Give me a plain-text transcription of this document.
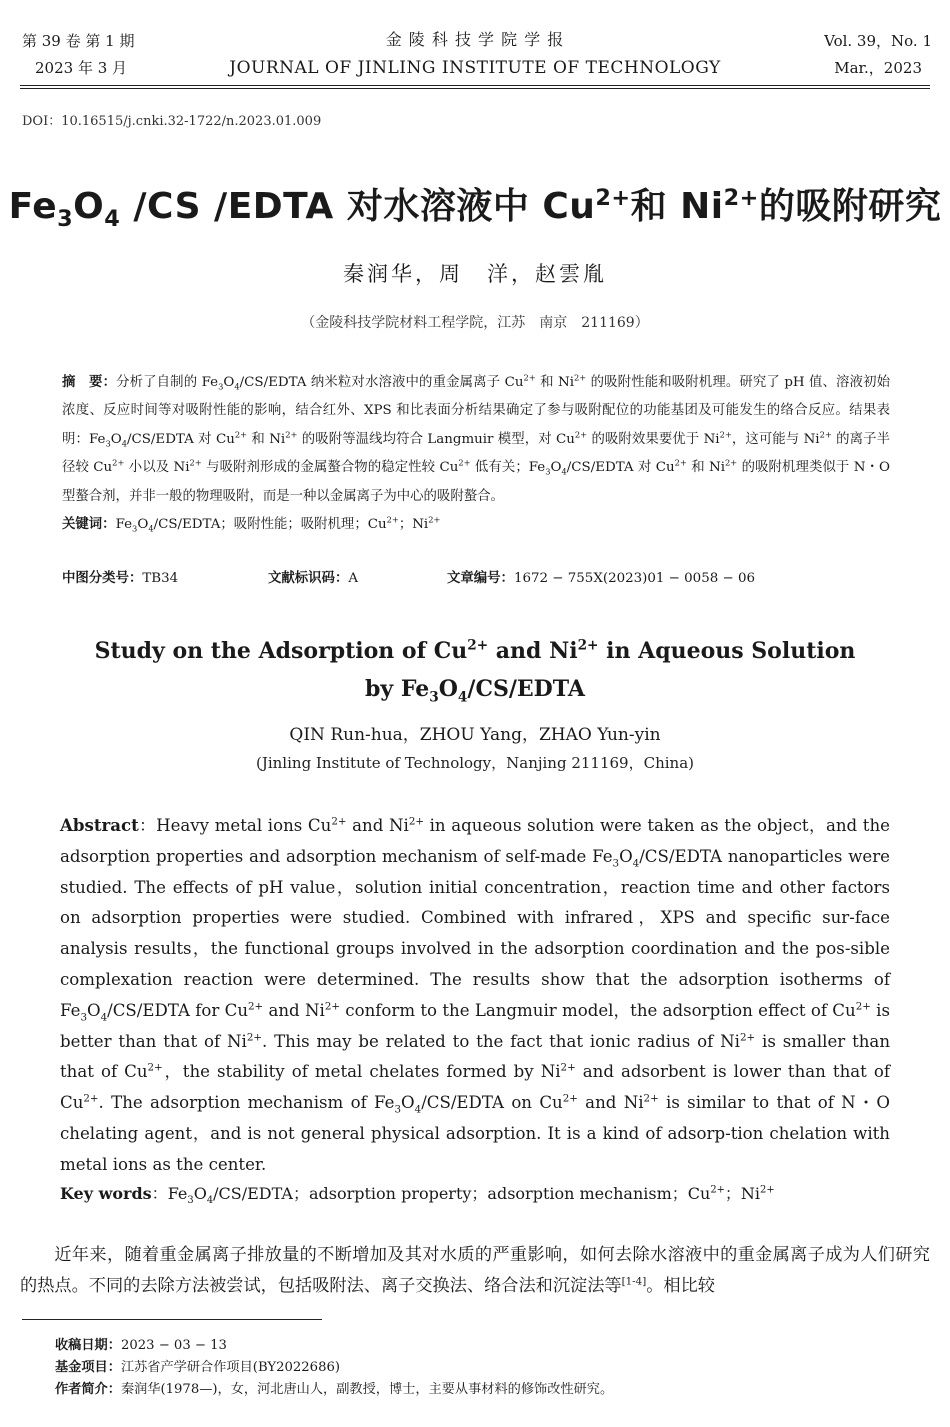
第 39 卷 第 1 期
2023 年 3 月
金 陵 科 技 学 院 学 报
JOURNAL OF JINLING INSTITUTE OF TECHNOLOGY
Vol. 39，No. 1
Mar.，2023
DOI：10.16515/j.cnki.32-1722/n.2023.01.009
$Fe_3O_4$ /CS /EDTA 对水溶液中 $Cu^{2+}$和 $Ni^{2+}$的吸附研究
秦润华，周　洋，赵雲胤
（金陵科技学院材料工程学院，江苏　南京　211169）
摘　要：分析了自制的 $Fe_3O_4/CS$/EDTA 纳米粒对水溶液中的重金属离子 $Cu^{2+}$ 和 $Ni^{2+}$ 的吸附性能和吸附机理。研究了 pH 值、溶液初始浓度、反应时间等对吸附性能的影响，结合红外、XPS 和比表面分析结果确定了参与吸附配位的功能基团及可能发生的络合反应。结果表明：$Fe_3O_4/CS$/EDTA 对 $Cu^{2+}$ 和 $Ni^{2+}$ 的吸附等温线均符合 Langmuir 模型，对 $Cu^{2+}$ 的吸附效果要优于 $Ni^{2+}$，这可能与 $Ni^{2+}$ 的离子半径较 $Cu^{2+}$ 小以及 $Ni^{2+}$ 与吸附剂形成的金属螯合物的稳定性较 $Cu^{2+}$ 低有关；$Fe_3O_4/CS$/EDTA 对 $Cu^{2+}$ 和 $Ni^{2+}$ 的吸附机理类似于 N・O 型螯合剂，并非一般的物理吸附，而是一种以金属离子为中心的吸附螯合。
关键词：$Fe_3O_4/CS$/EDTA；吸附性能；吸附机理；$Cu^{2+}$；$Ni^{2+}$
中图分类号：TB34	文献标识码：A	文章编号：1672 − 755X(2023)01 − 0058 − 06
Study on the Adsorption of $Cu^{2+}$ and $Ni^{2+}$ in Aqueous Solution
by $Fe_3O_4/CS$/EDTA
QIN Run-hua，ZHOU Yang，ZHAO Yun-yin
(Jinling Institute of Technology，Nanjing 211169，China)
Abstract：Heavy metal ions $Cu^{2+}$ and $Ni^{2+}$ in aqueous solution were taken as the object，and the adsorption properties and adsorption mechanism of self-made $Fe_3O_4/CS$/EDTA nanoparticles were studied. The effects of pH value，solution initial concentration，reaction time and other factors on adsorption properties were studied. Combined with infrared，XPS and specific sur-face analysis results，the functional groups involved in the adsorption coordination and the pos-sible complexation reaction were determined. The results show that the adsorption isotherms of $Fe_3O_4/CS$/EDTA for $Cu^{2+}$ and $Ni^{2+}$ conform to the Langmuir model，the adsorption effect of $Cu^{2+}$ is better than that of $Ni^{2+}$. This may be related to the fact that ionic radius of $Ni^{2+}$ is smaller than that of $Cu^{2+}$，the stability of metal chelates formed by $Ni^{2+}$ and adsorbent is lower than that of $Cu^{2+}$. The adsorption mechanism of $Fe_3O_4/CS$/EDTA on $Cu^{2+}$ and $Ni^{2+}$ is similar to that of N・O chelating agent，and is not general physical adsorption. It is a kind of adsorp-tion chelation with metal ions as the center.
Key words：$Fe_3O_4/CS$/EDTA；adsorption property；adsorption mechanism；$Cu^{2+}$；$Ni^{2+}$
近年来，随着重金属离子排放量的不断增加及其对水质的严重影响，如何去除水溶液中的重金属离子成为人们研究的热点。不同的去除方法被尝试，包括吸附法、离子交换法、络合法和沉淀法等[1-4]。相比较
收稿日期：2023 − 03 − 13
基金项目：江苏省产学研合作项目(BY2022686)
作者简介：秦润华(1978—)，女，河北唐山人，副教授，博士，主要从事材料的修饰改性研究。
